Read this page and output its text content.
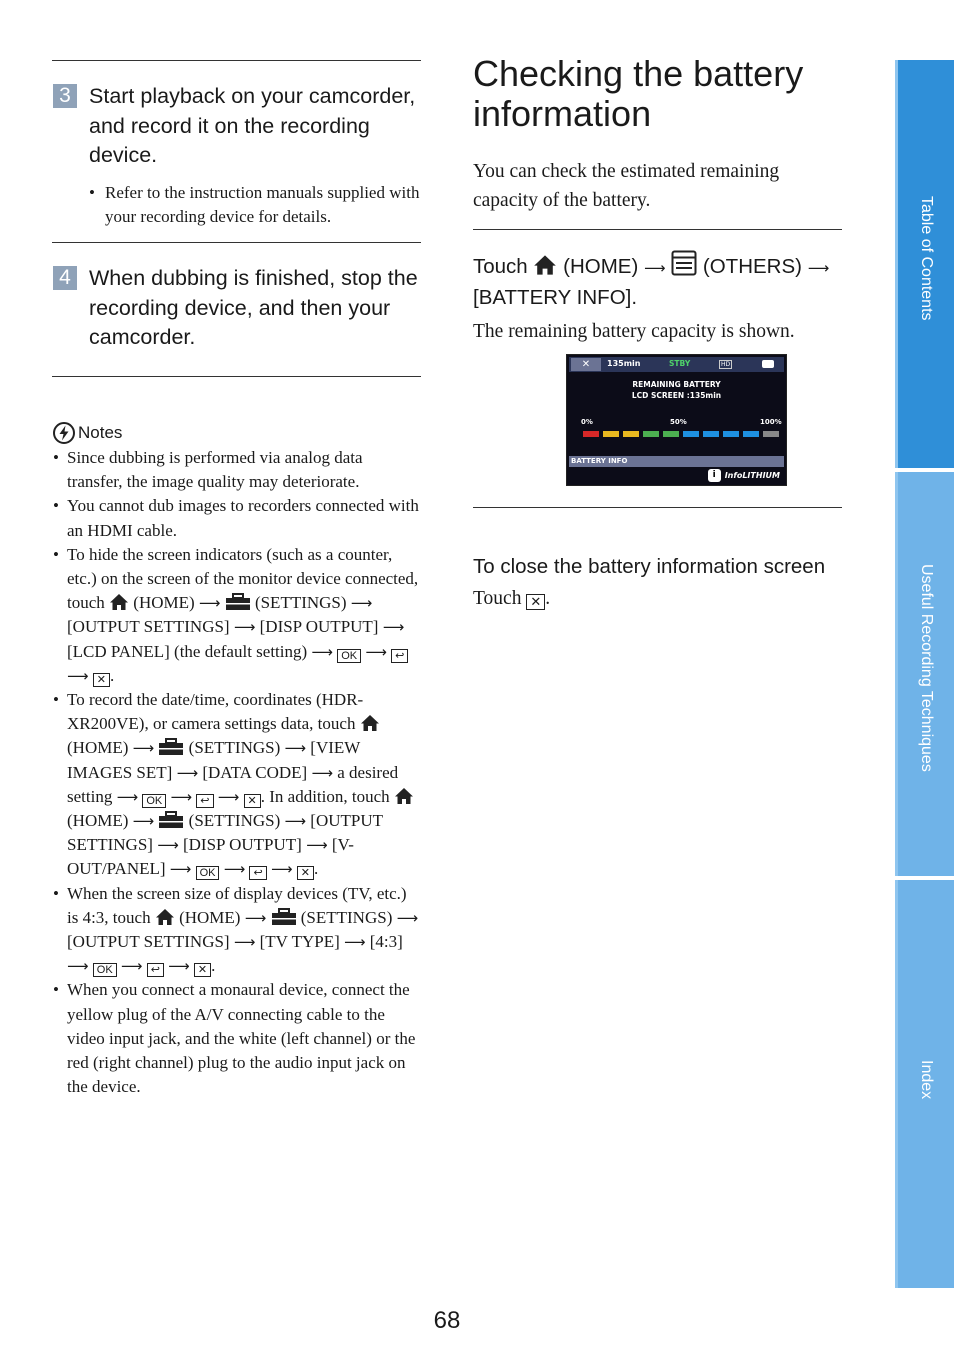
3 Start playback on your camcorder, and record it on the recording device.
• Refer to the instruction manuals supplied with your recording device for details.
4 When dubbing is finished, stop the recording device, and then your camcorder.
Notes
• Since dubbing is performed via analog data transfer, the image quality may deteriorate.
• You cannot dub images to recorders connected with an HDMI cable.
• To hide the screen indicators (such as a counter, etc.) on the screen of the monitor device connected, touch (HOME) ⟶ (SETTINGS) ⟶ [OUTPUT SETTINGS] ⟶ [DISP OUTPUT] ⟶ [LCD PANEL] (the default setting) ⟶ OK ⟶ ↩ ⟶ ✕ .
• To record the date/time, coordinates (HDR-XR200VE), or camera settings data, touch  (HOME) ⟶ (SETTINGS) ⟶ [VIEW IMAGES SET] ⟶ [DATA CODE] ⟶ a desired setting ⟶ OK ⟶ ↩ ⟶ ✕ . In addition, touch  (HOME) ⟶ (SETTINGS) ⟶ [OUTPUT SETTINGS] ⟶ [DISP OUTPUT] ⟶ [V-OUT/PANEL] ⟶ OK ⟶ ↩ ⟶ ✕ .
• When the screen size of display devices (TV, etc.) is 4:3, touch (HOME) ⟶ (SETTINGS) ⟶ [OUTPUT SETTINGS] ⟶ [TV TYPE] ⟶ [4:3] ⟶ OK ⟶ ↩ ⟶ ✕ .
• When you connect a monaural device, connect the yellow plug of the A/V connecting cable to the video input jack, and the white (left channel) or the red (right channel) plug to the audio input jack on the device.
Checking the battery information
You can check the estimated remaining capacity of the battery.
Touch (HOME) ⟶ (OTHERS) ⟶ [BATTERY INFO].
The remaining battery capacity is shown.
✕	135min	STBY	HD
REMAINING BATTERY
LCD SCREEN :135min
0%	50%	100%
BATTERY INFO
i	InfoLITHIUM
To close the battery information screen
Touch ✕ .
68
Table of Contents
Useful Recording Techniques
Index
